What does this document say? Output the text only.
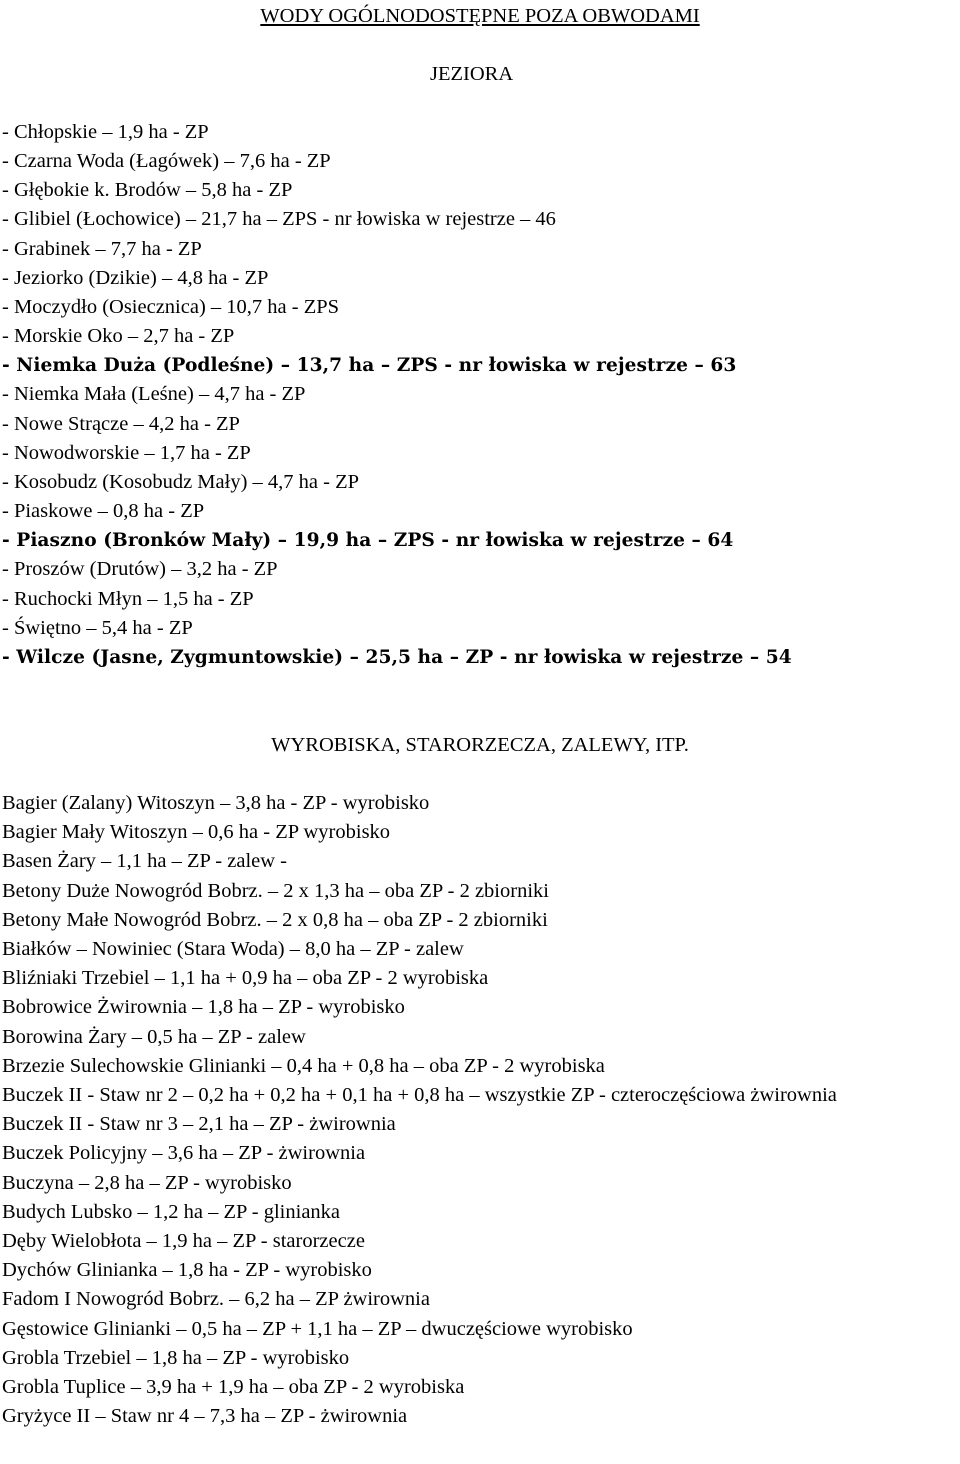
WODY OGÓLNODOSTĘPNE POZA OBWODAMI
JEZIORA
- Chłopskie – 1,9 ha - ZP
- Czarna Woda (Łagówek) – 7,6 ha - ZP
- Głębokie k. Brodów – 5,8 ha - ZP
- Glibiel (Łochowice) – 21,7 ha – ZPS - nr łowiska w rejestrze – 46
- Grabinek – 7,7 ha - ZP
- Jeziorko (Dzikie) – 4,8 ha - ZP
- Moczydło (Osiecznica) – 10,7 ha - ZPS
- Morskie Oko – 2,7 ha - ZP
- Niemka Duża (Podleśne) – 13,7 ha – ZPS - nr łowiska w rejestrze – 63
- Niemka Mała (Leśne) – 4,7 ha - ZP
- Nowe Strącze – 4,2 ha - ZP
- Nowodworskie – 1,7 ha - ZP
- Kosobudz (Kosobudz Mały) – 4,7 ha - ZP
- Piaskowe – 0,8 ha - ZP
- Piaszno (Bronków Mały) – 19,9 ha – ZPS - nr łowiska w rejestrze – 64
- Proszów (Drutów) – 3,2 ha - ZP
- Ruchocki Młyn – 1,5 ha - ZP
- Świętno – 5,4 ha - ZP
- Wilcze (Jasne, Zygmuntowskie) – 25,5 ha – ZP - nr łowiska w rejestrze – 54
WYROBISKA, STARORZECZA, ZALEWY, ITP.
Bagier (Zalany) Witoszyn – 3,8 ha - ZP - wyrobisko
Bagier Mały Witoszyn – 0,6 ha - ZP wyrobisko
Basen Żary – 1,1 ha – ZP - zalew -
Betony Duże Nowogród Bobrz. – 2 x 1,3 ha – oba ZP - 2 zbiorniki
Betony Małe Nowogród Bobrz. – 2 x 0,8 ha – oba ZP - 2 zbiorniki
Białków – Nowiniec (Stara Woda) – 8,0 ha – ZP - zalew
Bliźniaki Trzebiel – 1,1 ha + 0,9 ha – oba ZP - 2 wyrobiska
Bobrowice Żwirownia – 1,8 ha – ZP - wyrobisko
Borowina Żary – 0,5 ha – ZP - zalew
Brzezie Sulechowskie Glinianki – 0,4 ha + 0,8 ha – oba ZP - 2 wyrobiska
Buczek II - Staw nr 2 – 0,2 ha + 0,2 ha + 0,1 ha + 0,8 ha – wszystkie ZP - czteroczęściowa żwirownia
Buczek II - Staw nr 3 – 2,1 ha – ZP - żwirownia
Buczek Policyjny – 3,6 ha – ZP - żwirownia
Buczyna – 2,8 ha – ZP - wyrobisko
Budych Lubsko – 1,2 ha – ZP - glinianka
Dęby Wielobłota – 1,9 ha – ZP - starorzecze
Dychów Glinianka – 1,8 ha - ZP - wyrobisko
Fadom I Nowogród Bobrz. – 6,2 ha – ZP żwirownia
Gęstowice Glinianki – 0,5 ha – ZP + 1,1 ha – ZP – dwuczęściowe wyrobisko
Grobla Trzebiel – 1,8 ha – ZP - wyrobisko
Grobla Tuplice – 3,9 ha + 1,9 ha – oba ZP - 2 wyrobiska
Gryżyce II – Staw nr 4 – 7,3 ha – ZP - żwirownia
